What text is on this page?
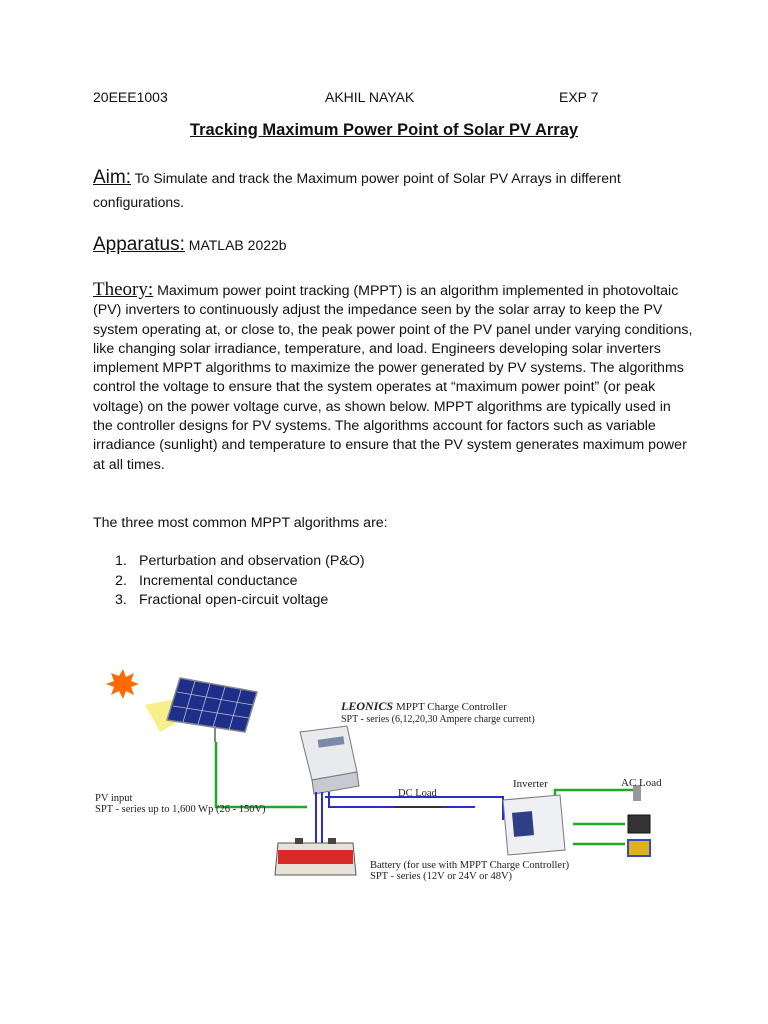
20EEE1003	AKHIL NAYAK	EXP 7
Tracking Maximum Power Point of Solar PV Array
Aim: To Simulate and track the Maximum power point of Solar PV Arrays in different configurations.
Apparatus: MATLAB 2022b
Theory: Maximum power point tracking (MPPT) is an algorithm implemented in photovoltaic (PV) inverters to continuously adjust the impedance seen by the solar array to keep the PV system operating at, or close to, the peak power point of the PV panel under varying conditions, like changing solar irradiance, temperature, and load. Engineers developing solar inverters implement MPPT algorithms to maximize the power generated by PV systems. The algorithms control the voltage to ensure that the system operates at “maximum power point” (or peak voltage) on the power voltage curve, as shown below. MPPT algorithms are typically used in the controller designs for PV systems. The algorithms account for factors such as variable irradiance (sunlight) and temperature to ensure that the PV system generates maximum power at all times.
The three most common MPPT algorithms are:
1. Perturbation and observation (P&O)
2. Incremental conductance
3. Fractional open-circuit voltage
LEONICS MPPT Charge Controller
SPT - series (6,12,20,30 Ampere charge current)
PV input
SPT - series up to 1,600 Wp (26 - 150V)
DC Load
Inverter	AC Load
Battery (for use with MPPT Charge Controller)
SPT - series (12V or 24V or 48V)
